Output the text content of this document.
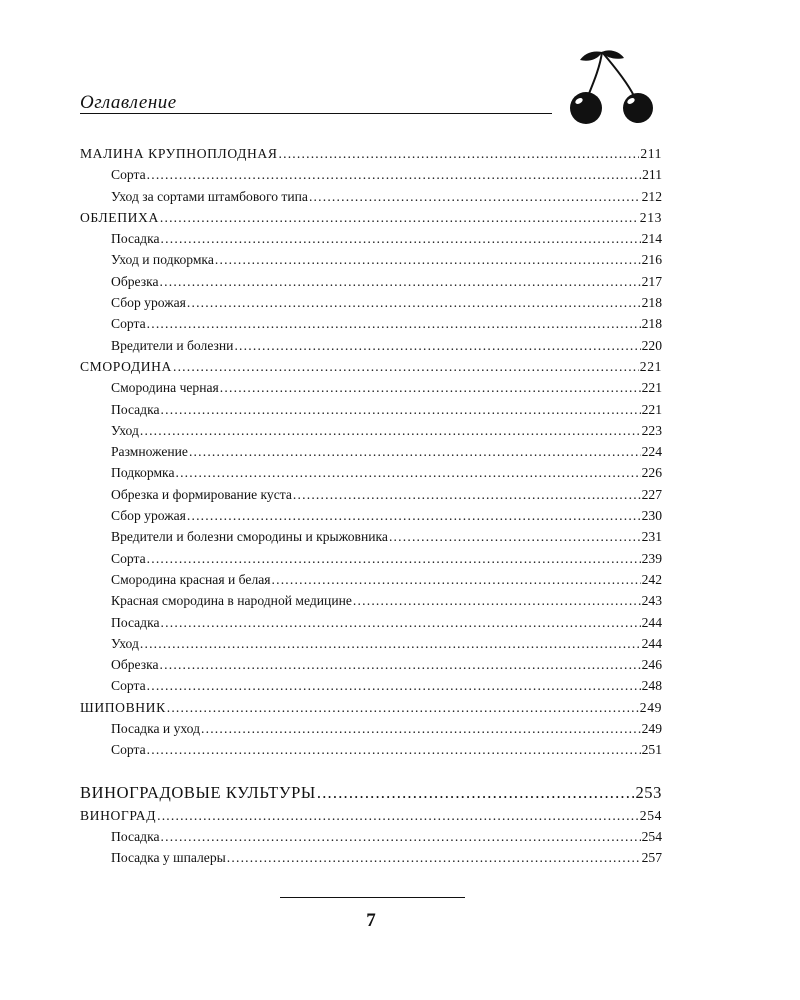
Оглавление
МАЛИНА КРУПНОПЛОДНАЯ .....	211
Сорта .....	211
Уход за сортами штамбового типа .....	212
ОБЛЕПИХА .....	213
Посадка .....	214
Уход и подкормка .....	216
Обрезка .....	217
Сбор урожая .....	218
Сорта .....	218
Вредители и болезни .....	220
СМОРОДИНА .....	221
Смородина черная .....	221
Посадка .....	221
Уход .....	223
Размножение .....	224
Подкормка .....	226
Обрезка и формирование куста .....	227
Сбор урожая .....	230
Вредители и болезни смородины и крыжовника .....	231
Сорта .....	239
Смородина красная и белая .....	242
Красная смородина в народной медицине .....	243
Посадка .....	244
Уход .....	244
Обрезка .....	246
Сорта .....	248
ШИПОВНИК .....	249
Посадка и уход .....	249
Сорта .....	251
ВИНОГРАДОВЫЕ КУЛЬТУРЫ .....	253
ВИНОГРАД .....	254
Посадка .....	254
Посадка у шпалеры .....	257
7
